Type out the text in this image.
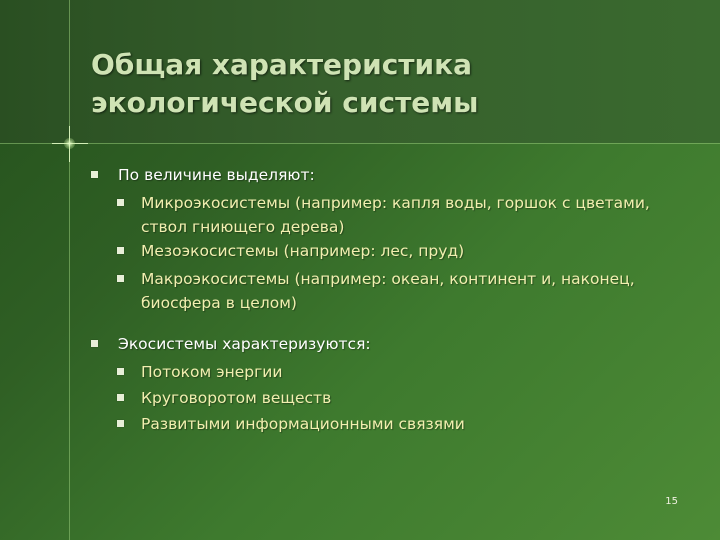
Общая характеристика
экологической системы
По величине выделяют:
Микроэкосистемы (например: капля воды, горшок с цветами,
ствол гниющего дерева)
Мезоэкосистемы (например: лес, пруд)
Макроэкосистемы (например: океан, континент и, наконец,
биосфера в целом)
Экосистемы характеризуются:
Потоком энергии
Круговоротом веществ
Развитыми информационными связями
15
